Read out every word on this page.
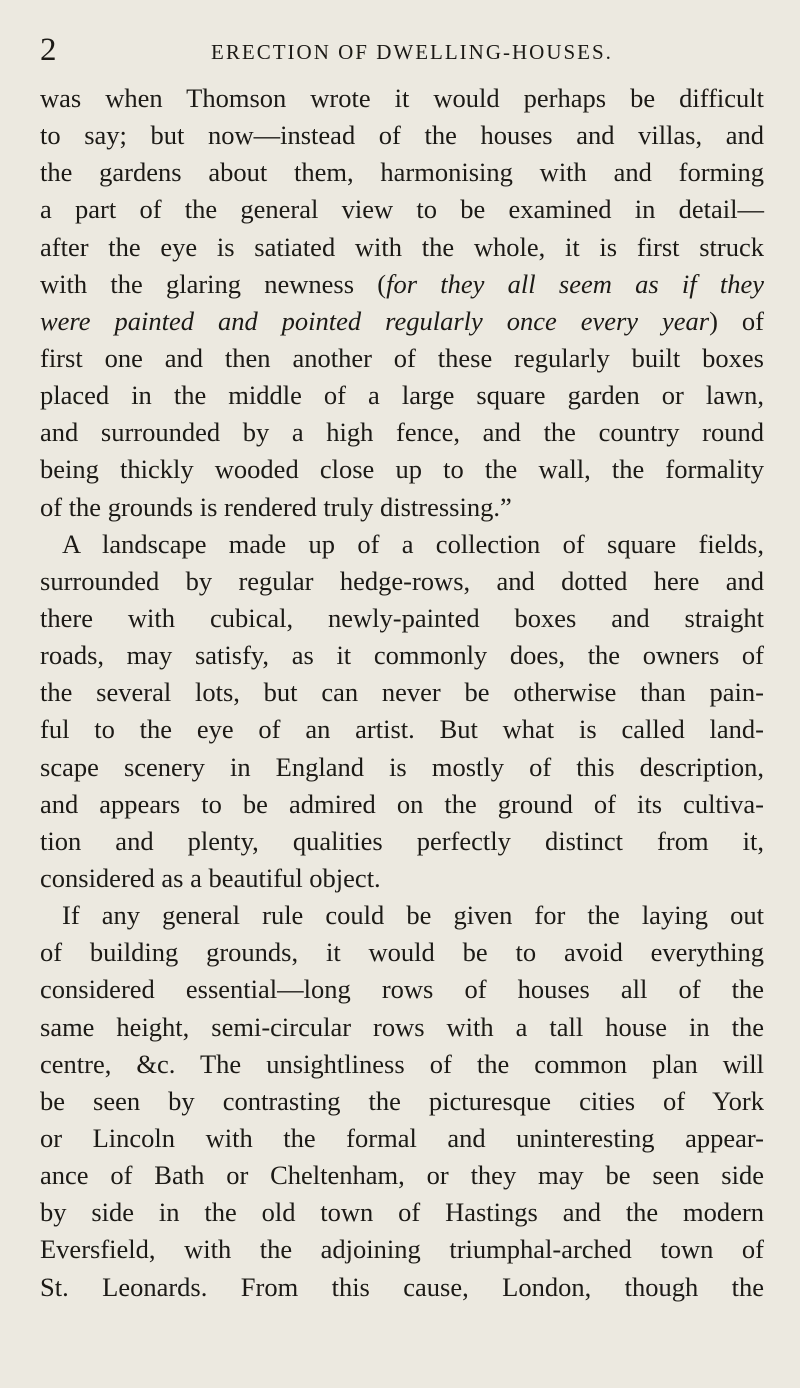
2	ERECTION OF DWELLING-HOUSES.
was when Thomson wrote it would perhaps be difficult
to say; but now—instead of the houses and villas, and
the gardens about them, harmonising with and forming
a part of the general view to be examined in detail—
after the eye is satiated with the whole, it is first struck
with the glaring newness (for they all seem as if they
were painted and pointed regularly once every year) of
first one and then another of these regularly built boxes
placed in the middle of a large square garden or lawn,
and surrounded by a high fence, and the country round
being thickly wooded close up to the wall, the formality
of the grounds is rendered truly distressing.”
A landscape made up of a collection of square fields,
surrounded by regular hedge-rows, and dotted here and
there with cubical, newly-painted boxes and straight
roads, may satisfy, as it commonly does, the owners of
the several lots, but can never be otherwise than pain-
ful to the eye of an artist. But what is called land-
scape scenery in England is mostly of this description,
and appears to be admired on the ground of its cultiva-
tion and plenty, qualities perfectly distinct from it,
considered as a beautiful object.
If any general rule could be given for the laying out
of building grounds, it would be to avoid everything
considered essential—long rows of houses all of the
same height, semi-circular rows with a tall house in the
centre, &c. The unsightliness of the common plan will
be seen by contrasting the picturesque cities of York
or Lincoln with the formal and uninteresting appear-
ance of Bath or Cheltenham, or they may be seen side
by side in the old town of Hastings and the modern
Eversfield, with the adjoining triumphal-arched town of
St. Leonards. From this cause, London, though the
